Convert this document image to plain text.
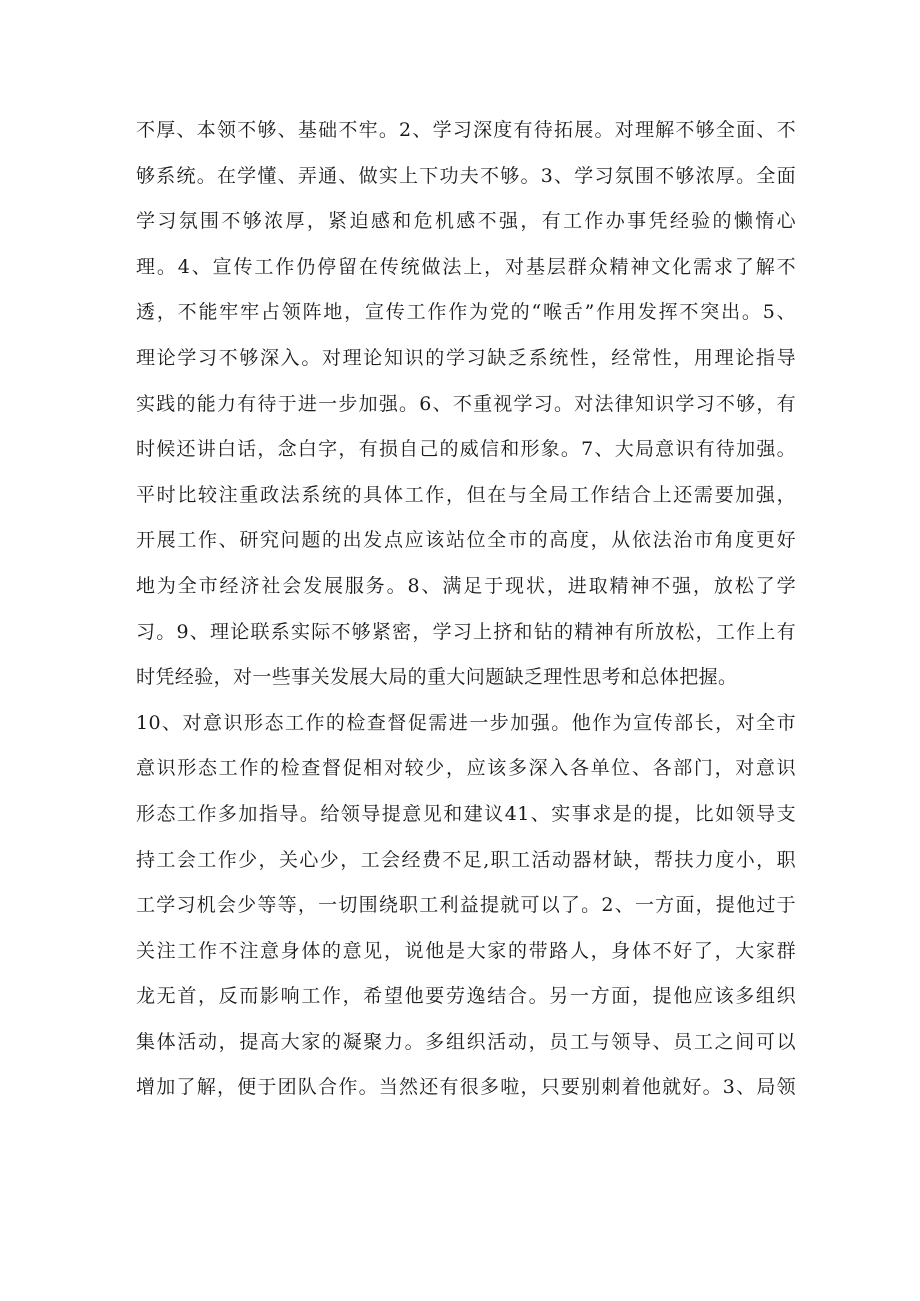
不厚、本领不够、基础不牢。2、学习深度有待拓展。对理解不够全面、不
够系统。在学懂、弄通、做实上下功夫不够。3、学习氛围不够浓厚。全面
学习氛围不够浓厚，紧迫感和危机感不强，有工作办事凭经验的懒惰心
理。4、宣传工作仍停留在传统做法上，对基层群众精神文化需求了解不
透，不能牢牢占领阵地，宣传工作作为党的“喉舌”作用发挥不突出。5、
理论学习不够深入。对理论知识的学习缺乏系统性，经常性，用理论指导
实践的能力有待于进一步加强。6、不重视学习。对法律知识学习不够，有
时候还讲白话，念白字，有损自己的威信和形象。7、大局意识有待加强。
平时比较注重政法系统的具体工作，但在与全局工作结合上还需要加强，
开展工作、研究问题的出发点应该站位全市的高度，从依法治市角度更好
地为全市经济社会发展服务。8、满足于现状，进取精神不强，放松了学
习。9、理论联系实际不够紧密，学习上挤和钻的精神有所放松，工作上有
时凭经验，对一些事关发展大局的重大问题缺乏理性思考和总体把握。
10、对意识形态工作的检查督促需进一步加强。他作为宣传部长，对全市
意识形态工作的检查督促相对较少，应该多深入各单位、各部门，对意识
形态工作多加指导。给领导提意见和建议41、实事求是的提，比如领导支
持工会工作少，关心少，工会经费不足,职工活动器材缺，帮扶力度小，职
工学习机会少等等，一切围绕职工利益提就可以了。2、一方面，提他过于
关注工作不注意身体的意见，说他是大家的带路人，身体不好了，大家群
龙无首，反而影响工作，希望他要劳逸结合。另一方面，提他应该多组织
集体活动，提高大家的凝聚力。多组织活动，员工与领导、员工之间可以
增加了解，便于团队合作。当然还有很多啦，只要别刺着他就好。3、局领
